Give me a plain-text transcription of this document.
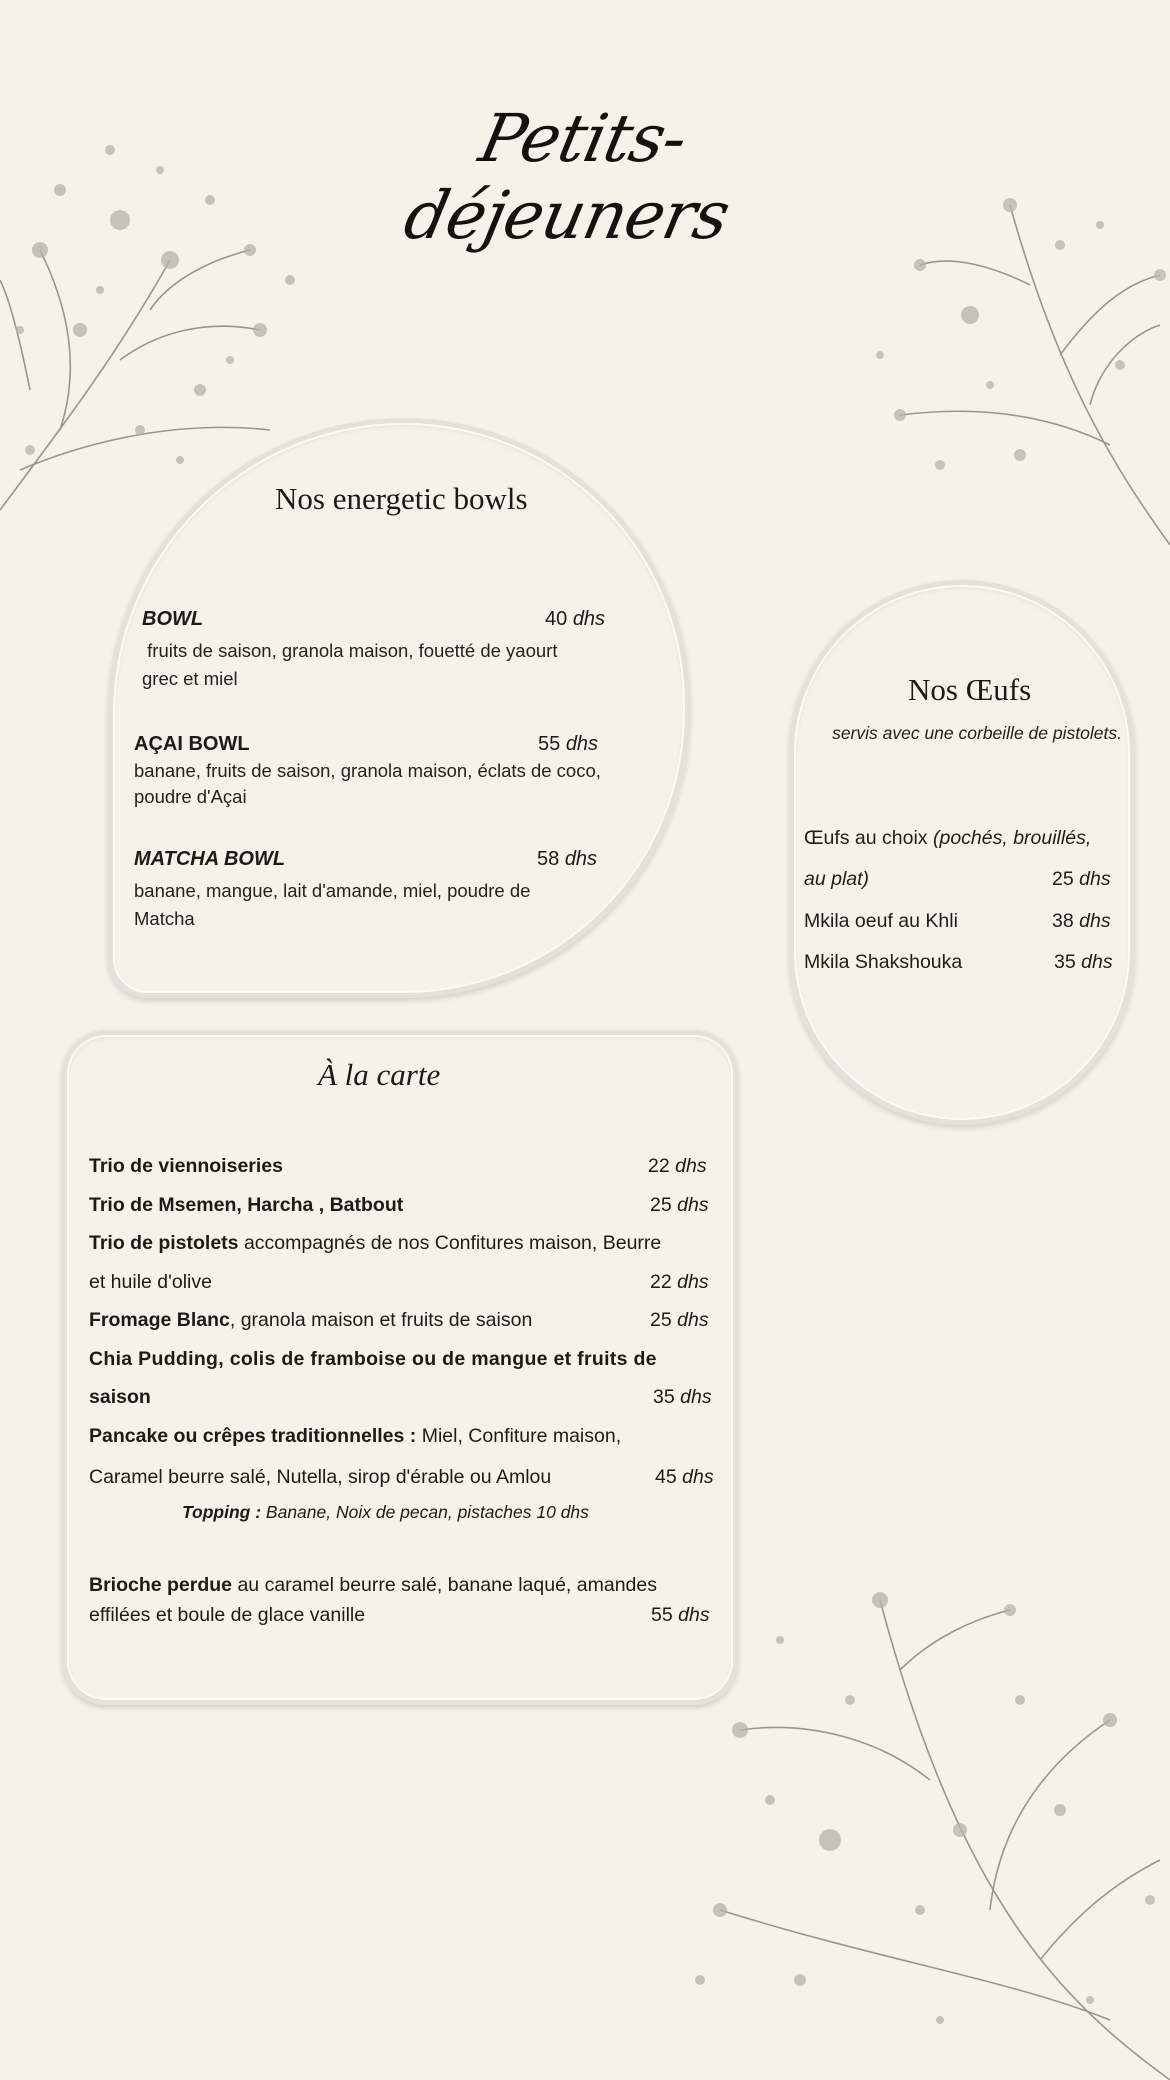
Petits-déjeuners
Nos energetic bowls
BOWL	40 dhs
fruits de saison, granola maison, fouetté de yaourt
grec et miel
AÇAI BOWL	55 dhs
banane, fruits de saison, granola maison, éclats de coco,
poudre d'Açai
MATCHA BOWL	58 dhs
banane, mangue, lait d'amande, miel, poudre de
Matcha
Nos Œufs
servis avec une corbeille de pistolets.
Œufs au choix (pochés, brouillés,
au plat)	25 dhs
Mkila oeuf au Khli	38 dhs
Mkila Shakshouka	35 dhs
À la carte
Trio de viennoiseries	22 dhs
Trio de Msemen, Harcha , Batbout	25 dhs
Trio de pistolets accompagnés de nos Confitures maison, Beurre
et huile d'olive	22 dhs
Fromage Blanc, granola maison et fruits de saison	25 dhs
Chia Pudding, colis de framboise ou de mangue et fruits de
saison	35 dhs
Pancake ou crêpes traditionnelles : Miel, Confiture maison,
Caramel beurre salé, Nutella, sirop d'érable ou Amlou	45 dhs
Topping : Banane, Noix de pecan, pistaches 10 dhs
Brioche perdue au caramel beurre salé, banane laqué, amandes
effilées et boule de glace vanille	55 dhs
